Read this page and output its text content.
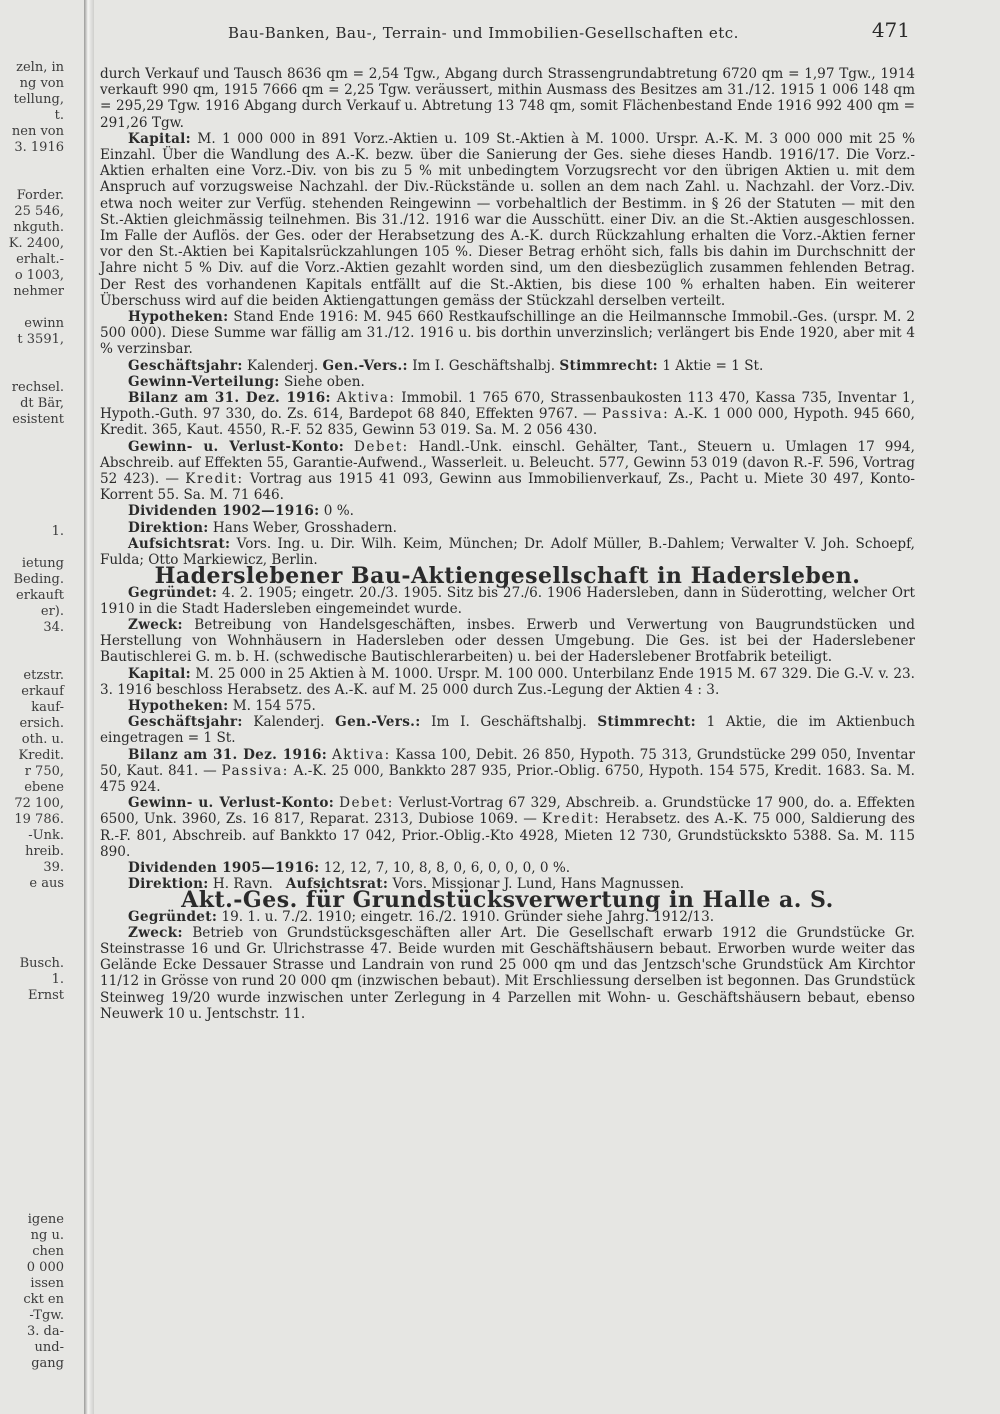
zeln, in
ng von
tellung,
t.
nen von
3. 1916

Forder.
25 546,
nkguth.
K. 2400,
erhalt.-
o 1003,
nehmer

ewinn
t 3591,

rechsel.
dt Bär,
esistent

1.

ietung
Beding.
erkauft
er).
34.

etzstr.
erkauf
kauf-
ersich.
oth. u.
Kredit.
r 750,
ebene
72 100,
19 786.
-Unk.
hreib.
39.
e aus

Busch.
1.
Ernst

igene
ng u.
chen
0 000
issen
ckt en
-Tgw.
3. da-
und-
gang
Bau-Banken, Bau-, Terrain- und Immobilien-Gesellschaften etc.	471

durch Verkauf und Tausch 8636 qm = 2,54 Tgw., Abgang durch Strassengrundabtretung 6720 qm = 1,97 Tgw., 1914 verkauft 990 qm, 1915 7666 qm = 2,25 Tgw. veräussert, mithin Ausmass des Besitzes am 31./12. 1915 1 006 148 qm = 295,29 Tgw. 1916 Abgang durch Verkauf u. Abtretung 13 748 qm, somit Flächenbestand Ende 1916 992 400 qm = 291,26 Tgw.

Kapital: M. 1 000 000 in 891 Vorz.-Aktien u. 109 St.-Aktien à M. 1000. Urspr. A.-K. M. 3 000 000 mit 25 % Einzahl. Über die Wandlung des A.-K. bezw. über die Sanierung der Ges. siehe dieses Handb. 1916/17. Die Vorz.-Aktien erhalten eine Vorz.-Div. von bis zu 5 % mit unbedingtem Vorzugsrecht vor den übrigen Aktien u. mit dem Anspruch auf vorzugsweise Nachzahl. der Div.-Rückstände u. sollen an dem nach Zahl. u. Nachzahl. der Vorz.-Div. etwa noch weiter zur Verfüg. stehenden Reingewinn — vorbehaltlich der Bestimm. in § 26 der Statuten — mit den St.-Aktien gleichmässig teilnehmen. Bis 31./12. 1916 war die Ausschütt. einer Div. an die St.-Aktien ausgeschlossen. Im Falle der Auflös. der Ges. oder der Herabsetzung des A.-K. durch Rückzahlung erhalten die Vorz.-Aktien ferner vor den St.-Aktien bei Kapitalsrückzahlungen 105 %. Dieser Betrag erhöht sich, falls bis dahin im Durchschnitt der Jahre nicht 5 % Div. auf die Vorz.-Aktien gezahlt worden sind, um den diesbezüglich zusammen fehlenden Betrag. Der Rest des vorhandenen Kapitals entfällt auf die St.-Aktien, bis diese 100 % erhalten haben. Ein weiterer Überschuss wird auf die beiden Aktiengattungen gemäss der Stückzahl derselben verteilt.

Hypotheken: Stand Ende 1916: M. 945 660 Restkaufschillinge an die Heilmannsche Immobil.-Ges. (urspr. M. 2 500 000). Diese Summe war fällig am 31./12. 1916 u. bis dorthin unverzinslich; verlängert bis Ende 1920, aber mit 4 % verzinsbar.

Geschäftsjahr: Kalenderj. Gen.-Vers.: Im I. Geschäftshalbj. Stimmrecht: 1 Aktie = 1 St.

Gewinn-Verteilung: Siehe oben.

Bilanz am 31. Dez. 1916: Aktiva: Immobil. 1 765 670, Strassenbaukosten 113 470, Kassa 735, Inventar 1, Hypoth.-Guth. 97 330, do. Zs. 614, Bardepot 68 840, Effekten 9767. — Passiva: A.-K. 1 000 000, Hypoth. 945 660, Kredit. 365, Kaut. 4550, R.-F. 52 835, Gewinn 53 019. Sa. M. 2 056 430.

Gewinn- u. Verlust-Konto: Debet: Handl.-Unk. einschl. Gehälter, Tant., Steuern u. Umlagen 17 994, Abschreib. auf Effekten 55, Garantie-Aufwend., Wasserleit. u. Beleucht. 577, Gewinn 53 019 (davon R.-F. 596, Vortrag 52 423). — Kredit: Vortrag aus 1915 41 093, Gewinn aus Immobilienverkauf, Zs., Pacht u. Miete 30 497, Konto-Korrent 55. Sa. M. 71 646.

Dividenden 1902—1916: 0 %.

Direktion: Hans Weber, Grosshadern.

Aufsichtsrat: Vors. Ing. u. Dir. Wilh. Keim, München; Dr. Adolf Müller, B.-Dahlem; Verwalter V. Joh. Schoepf, Fulda; Otto Markiewicz, Berlin.

Haderslebener Bau-Aktiengesellschaft in Hadersleben.

Gegründet: 4. 2. 1905; eingetr. 20./3. 1905. Sitz bis 27./6. 1906 Hadersleben, dann in Süderotting, welcher Ort 1910 in die Stadt Hadersleben eingemeindet wurde.

Zweck: Betreibung von Handelsgeschäften, insbes. Erwerb und Verwertung von Baugrundstücken und Herstellung von Wohnhäusern in Hadersleben oder dessen Umgebung. Die Ges. ist bei der Haderslebener Bautischlerei G. m. b. H. (schwedische Bautischlerarbeiten) u. bei der Haderslebener Brotfabrik beteiligt.

Kapital: M. 25 000 in 25 Aktien à M. 1000. Urspr. M. 100 000. Unterbilanz Ende 1915 M. 67 329. Die G.-V. v. 23. 3. 1916 beschloss Herabsetz. des A.-K. auf M. 25 000 durch Zus.-Legung der Aktien 4 : 3.

Hypotheken: M. 154 575.

Geschäftsjahr: Kalenderj. Gen.-Vers.: Im I. Geschäftshalbj. Stimmrecht: 1 Aktie, die im Aktienbuch eingetragen = 1 St.

Bilanz am 31. Dez. 1916: Aktiva: Kassa 100, Debit. 26 850, Hypoth. 75 313, Grundstücke 299 050, Inventar 50, Kaut. 841. — Passiva: A.-K. 25 000, Bankkto 287 935, Prior.-Oblig. 6750, Hypoth. 154 575, Kredit. 1683. Sa. M. 475 924.

Gewinn- u. Verlust-Konto: Debet: Verlust-Vortrag 67 329, Abschreib. a. Grundstücke 17 900, do. a. Effekten 6500, Unk. 3960, Zs. 16 817, Reparat. 2313, Dubiose 1069. — Kredit: Herabsetz. des A.-K. 75 000, Saldierung des R.-F. 801, Abschreib. auf Bankkto 17 042, Prior.-Oblig.-Kto 4928, Mieten 12 730, Grundstückskto 5388. Sa. M. 115 890.

Dividenden 1905—1916: 12, 12, 7, 10, 8, 8, 0, 6, 0, 0, 0, 0 %.

Direktion: H. Ravn. Aufsichtsrat: Vors. Missionar J. Lund, Hans Magnussen.

Akt.-Ges. für Grundstücksverwertung in Halle a. S.

Gegründet: 19. 1. u. 7./2. 1910; eingetr. 16./2. 1910. Gründer siehe Jahrg. 1912/13.

Zweck: Betrieb von Grundstücksgeschäften aller Art. Die Gesellschaft erwarb 1912 die Grundstücke Gr. Steinstrasse 16 und Gr. Ulrichstrasse 47. Beide wurden mit Geschäftshäusern bebaut. Erworben wurde weiter das Gelände Ecke Dessauer Strasse und Landrain von rund 25 000 qm und das Jentzsch'sche Grundstück Am Kirchtor 11/12 in Grösse von rund 20 000 qm (inzwischen bebaut). Mit Erschliessung derselben ist begonnen. Das Grundstück Steinweg 19/20 wurde inzwischen unter Zerlegung in 4 Parzellen mit Wohn- u. Geschäftshäusern bebaut, ebenso Neuwerk 10 u. Jentschstr. 11.
